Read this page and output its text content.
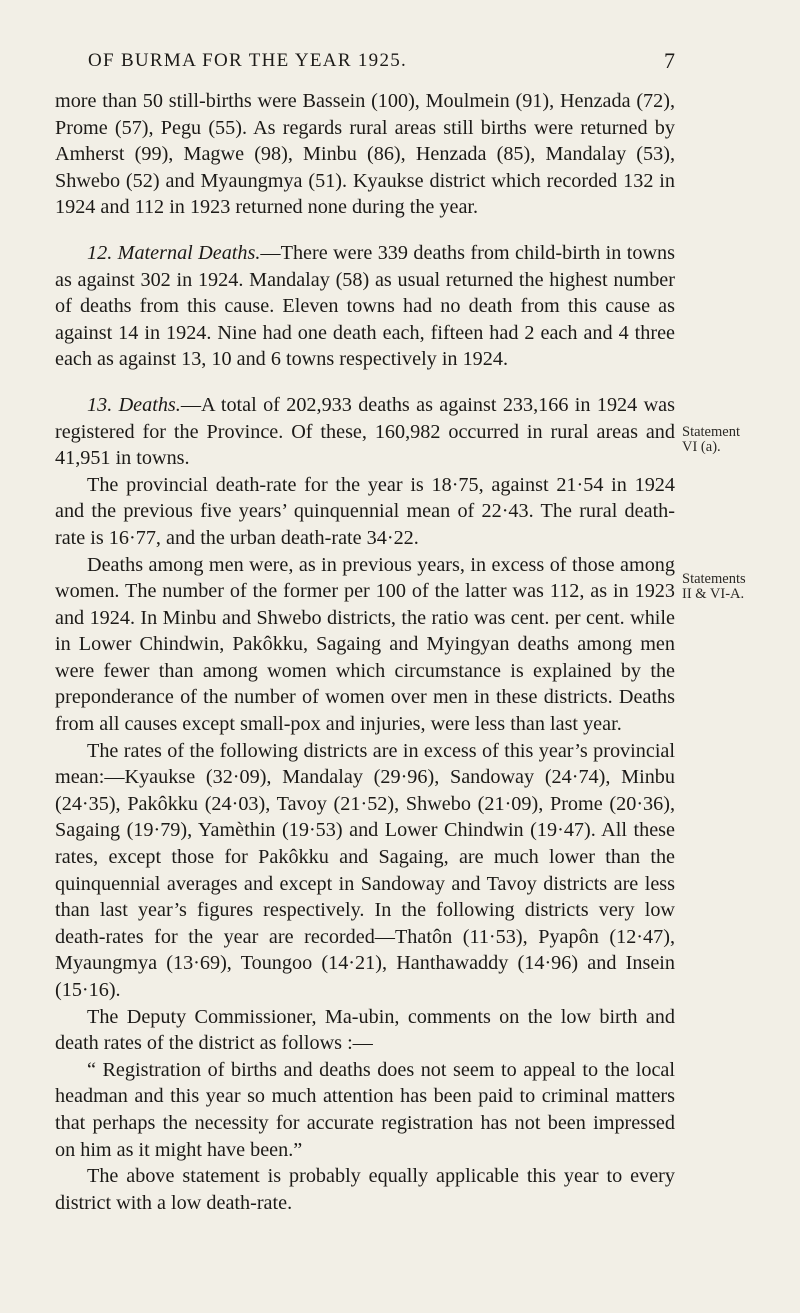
OF BURMA FOR THE YEAR 1925.	7
Statement
VI (a).
Statements
II & VI-A.

more than 50 still-births were Bassein (100), Moulmein (91), Henzada (72), Prome (57), Pegu (55). As regards rural areas still births were returned by Amherst (99), Magwe (98), Minbu (86), Henzada (85), Mandalay (53), Shwebo (52) and Myaungmya (51). Kyaukse district which recorded 132 in 1924 and 112 in 1923 returned none during the year.

12. Maternal Deaths.—There were 339 deaths from child-birth in towns as against 302 in 1924. Mandalay (58) as usual returned the highest number of deaths from this cause. Eleven towns had no death from this cause as against 14 in 1924. Nine had one death each, fifteen had 2 each and 4 three each as against 13, 10 and 6 towns respectively in 1924.

13. Deaths.—A total of 202,933 deaths as against 233,166 in 1924 was registered for the Province. Of these, 160,982 occurred in rural areas and 41,951 in towns.

The provincial death-rate for the year is 18·75, against 21·54 in 1924 and the previous five years’ quinquennial mean of 22·43. The rural death-rate is 16·77, and the urban death-rate 34·22.

Deaths among men were, as in previous years, in excess of those among women. The number of the former per 100 of the latter was 112, as in 1923 and 1924. In Minbu and Shwebo districts, the ratio was cent. per cent. while in Lower Chindwin, Pakôkku, Sagaing and Myingyan deaths among men were fewer than among women which circumstance is explained by the preponderance of the number of women over men in these districts. Deaths from all causes except small-pox and injuries, were less than last year.

The rates of the following districts are in excess of this year’s provincial mean:—Kyaukse (32·09), Mandalay (29·96), Sandoway (24·74), Minbu (24·35), Pakôkku (24·03), Tavoy (21·52), Shwebo (21·09), Prome (20·36), Sagaing (19·79), Yamèthin (19·53) and Lower Chindwin (19·47). All these rates, except those for Pakôkku and Sagaing, are much lower than the quinquennial averages and except in Sandoway and Tavoy districts are less than last year’s figures respectively. In the following districts very low death-rates for the year are recorded—Thatôn (11·53), Pyapôn (12·47), Myaungmya (13·69), Toungoo (14·21), Hanthawaddy (14·96) and Insein (15·16).

The Deputy Commissioner, Ma-ubin, comments on the low birth and death rates of the district as follows :—

“ Registration of births and deaths does not seem to appeal to the local headman and this year so much attention has been paid to criminal matters that perhaps the necessity for accurate registration has not been impressed on him as it might have been.”

The above statement is probably equally applicable this year to every district with a low death-rate.
